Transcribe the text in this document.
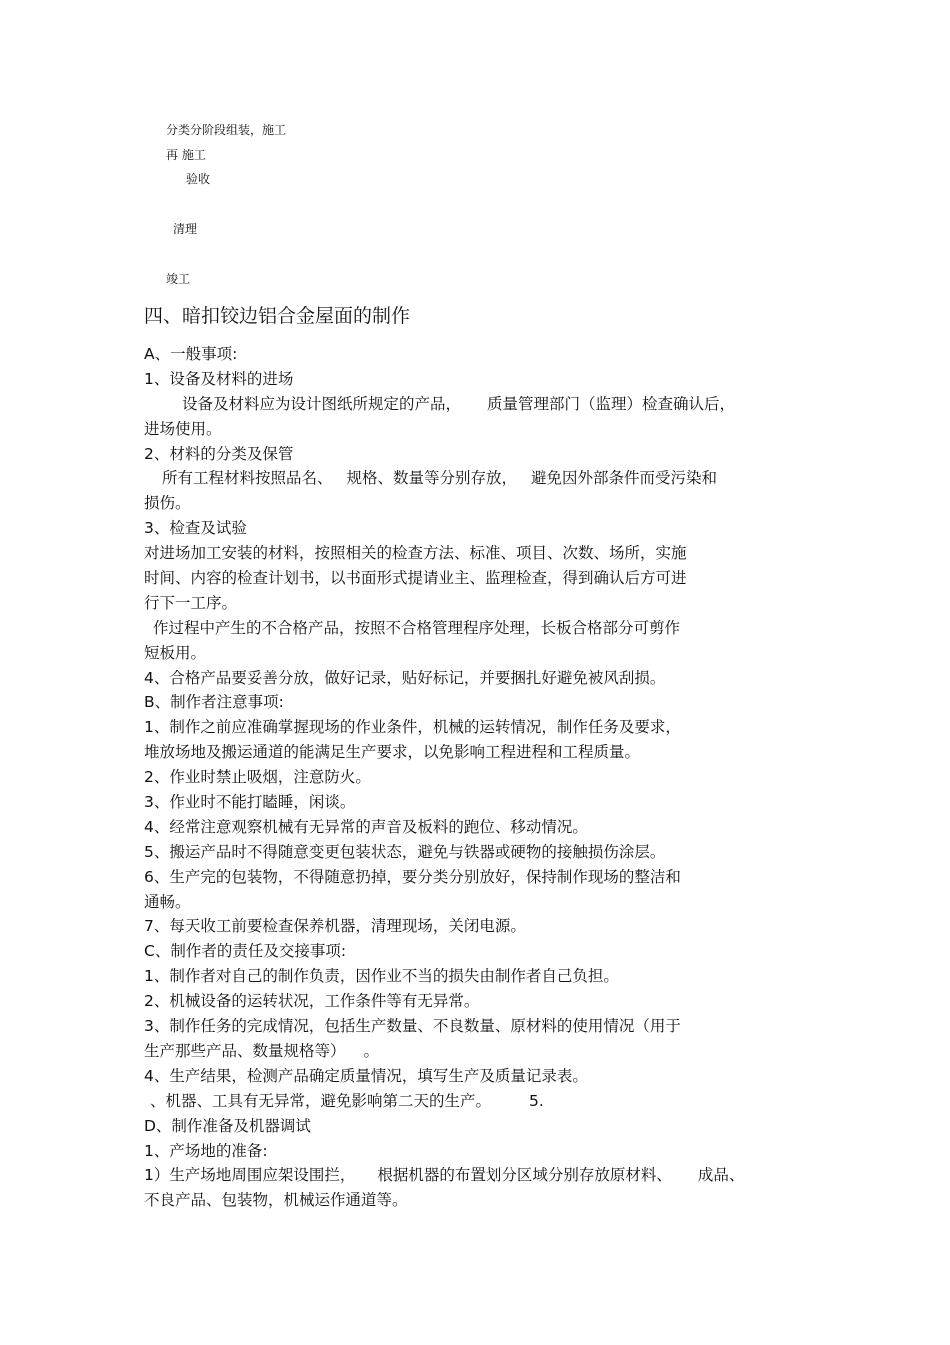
分类分阶段组装，施工
再 施工
验收
清理
竣工
四、暗扣铰边铝合金屋面的制作
A、一般事项:
1、设备及材料的进场
设备及材料应为设计图纸所规定的产品， 质量管理部门（监理）检查确认后，
进场使用。
2、材料的分类及保管
所有工程材料按照品名、 规格、数量等分别存放， 避免因外部条件而受污染和
损伤。
3、检查及试验
对进场加工安装的材料，按照相关的检查方法、标准、项目、次数、场所，实施
时间、内容的检查计划书，以书面形式提请业主、监理检查，得到确认后方可进
行下一工序。
作过程中产生的不合格产品，按照不合格管理程序处理，长板合格部分可剪作
短板用。
4、合格产品要妥善分放，做好记录，贴好标记，并要捆扎好避免被风刮损。
B、制作者注意事项:
1、制作之前应准确掌握现场的作业条件，机械的运转情况，制作任务及要求，
堆放场地及搬运通道的能满足生产要求，以免影响工程进程和工程质量。
2、作业时禁止吸烟，注意防火。
3、作业时不能打瞌睡，闲谈。
4、经常注意观察机械有无异常的声音及板料的跑位、移动情况。
5、搬运产品时不得随意变更包装状态，避免与铁器或硬物的接触损伤涂层。
6、生产完的包装物，不得随意扔掉，要分类分别放好，保持制作现场的整洁和
通畅。
7、每天收工前要检查保养机器，清理现场，关闭电源。
C、制作者的责任及交接事项:
1、制作者对自己的制作负责，因作业不当的损失由制作者自己负担。
2、机械设备的运转状况，工作条件等有无异常。
3、制作任务的完成情况，包括生产数量、不良数量、原材料的使用情况（用于
生产那些产品、数量规格等） 。
4、生产结果，检测产品确定质量情况，填写生产及质量记录表。
、机器、工具有无异常，避免影响第二天的生产。 5.
D、制作准备及机器调试
1、产场地的准备:
1）生产场地周围应架设围拦， 根据机器的布置划分区域分别存放原材料、 成品、
不良产品、包装物，机械运作通道等。
